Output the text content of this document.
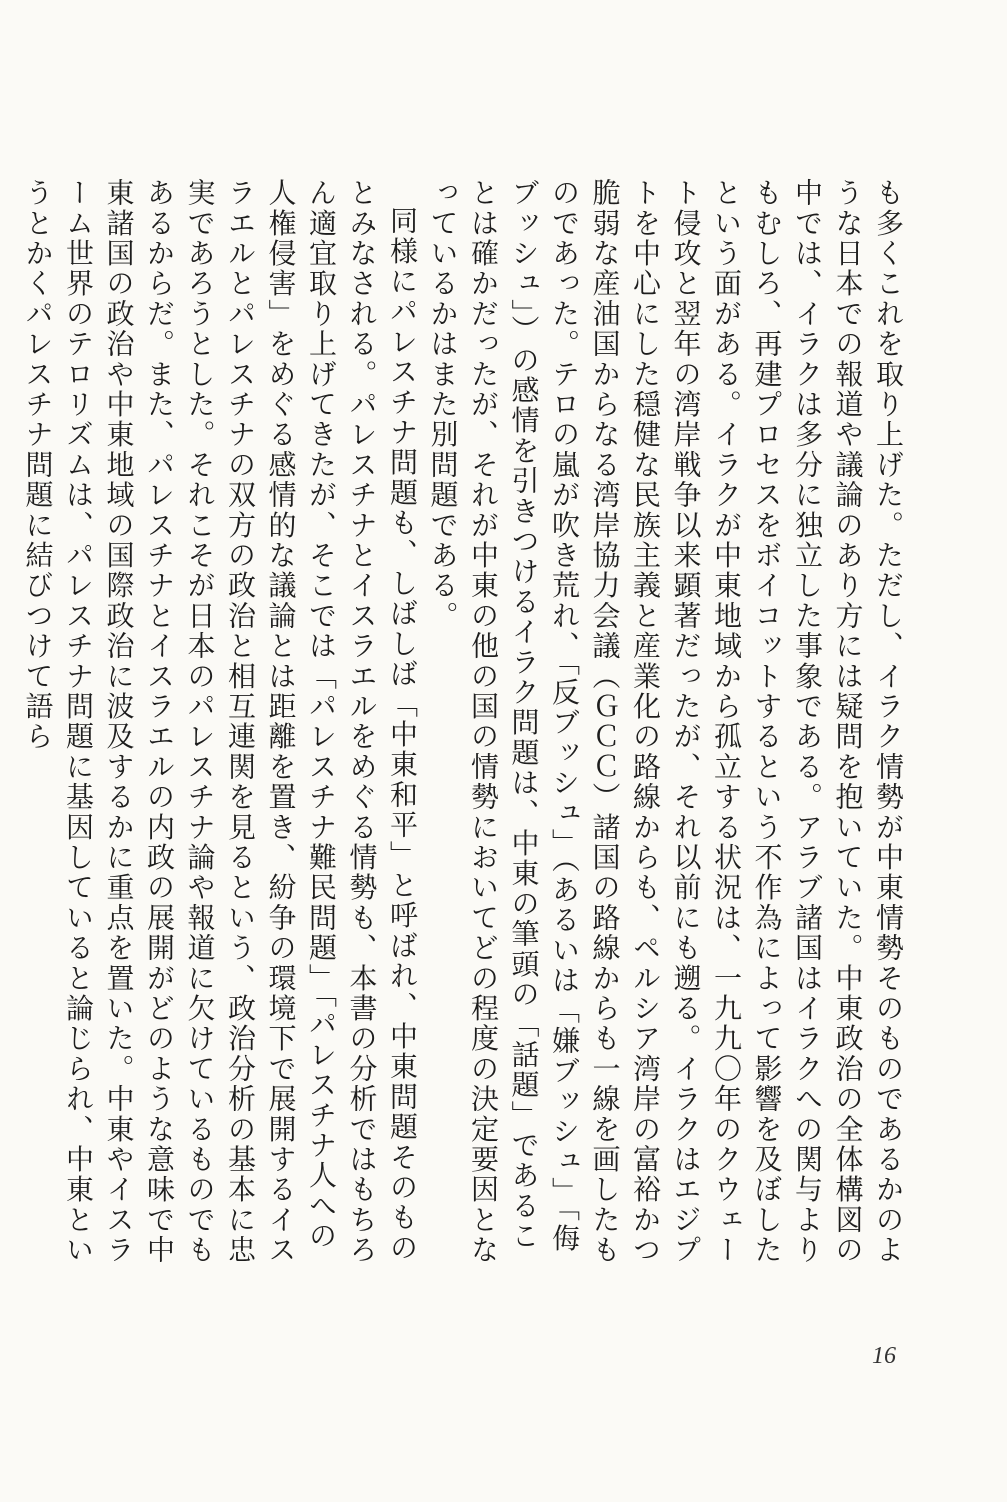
も多くこれを取り上げた。ただし、イラク情勢が中東情勢そのものであるかのような日本での報道や議論のあり方には疑問を抱いていた。中東政治の全体構図の中では、イラクは多分に独立した事象である。アラブ諸国はイラクへの関与よりもむしろ、再建プロセスをボイコットするという不作為によって影響を及ぼしたという面がある。イラクが中東地域から孤立する状況は、一九九〇年のクウェート侵攻と翌年の湾岸戦争以来顕著だったが、それ以前にも遡る。イラクはエジプトを中心にした穏健な民族主義と産業化の路線からも、ペルシア湾岸の富裕かつ脆弱な産油国からなる湾岸協力会議（ＧＣＣ）諸国の路線からも一線を画したものであった。テロの嵐が吹き荒れ、「反ブッシュ」（あるいは「嫌ブッシュ」「侮ブッシュ」）の感情を引きつけるイラク問題は、中東の筆頭の「話題」であることは確かだったが、それが中東の他の国の情勢においてどの程度の決定要因となっているかはまた別問題である。

同様にパレスチナ問題も、しばしば「中東和平」と呼ばれ、中東問題そのものとみなされる。パレスチナとイスラエルをめぐる情勢も、本書の分析ではもちろん適宜取り上げてきたが、そこでは「パレスチナ難民問題」「パレスチナ人への人権侵害」をめぐる感情的な議論とは距離を置き、紛争の環境下で展開するイスラエルとパレスチナの双方の政治と相互連関を見るという、政治分析の基本に忠実であろうとした。それこそが日本のパレスチナ論や報道に欠けているものでもあるからだ。また、パレスチナとイスラエルの内政の展開がどのような意味で中東諸国の政治や中東地域の国際政治に波及するかに重点を置いた。中東やイスラーム世界のテロリズムは、パレスチナ問題に基因していると論じられ、中東というとかくパレスチナ問題に結びつけて語ら

16
